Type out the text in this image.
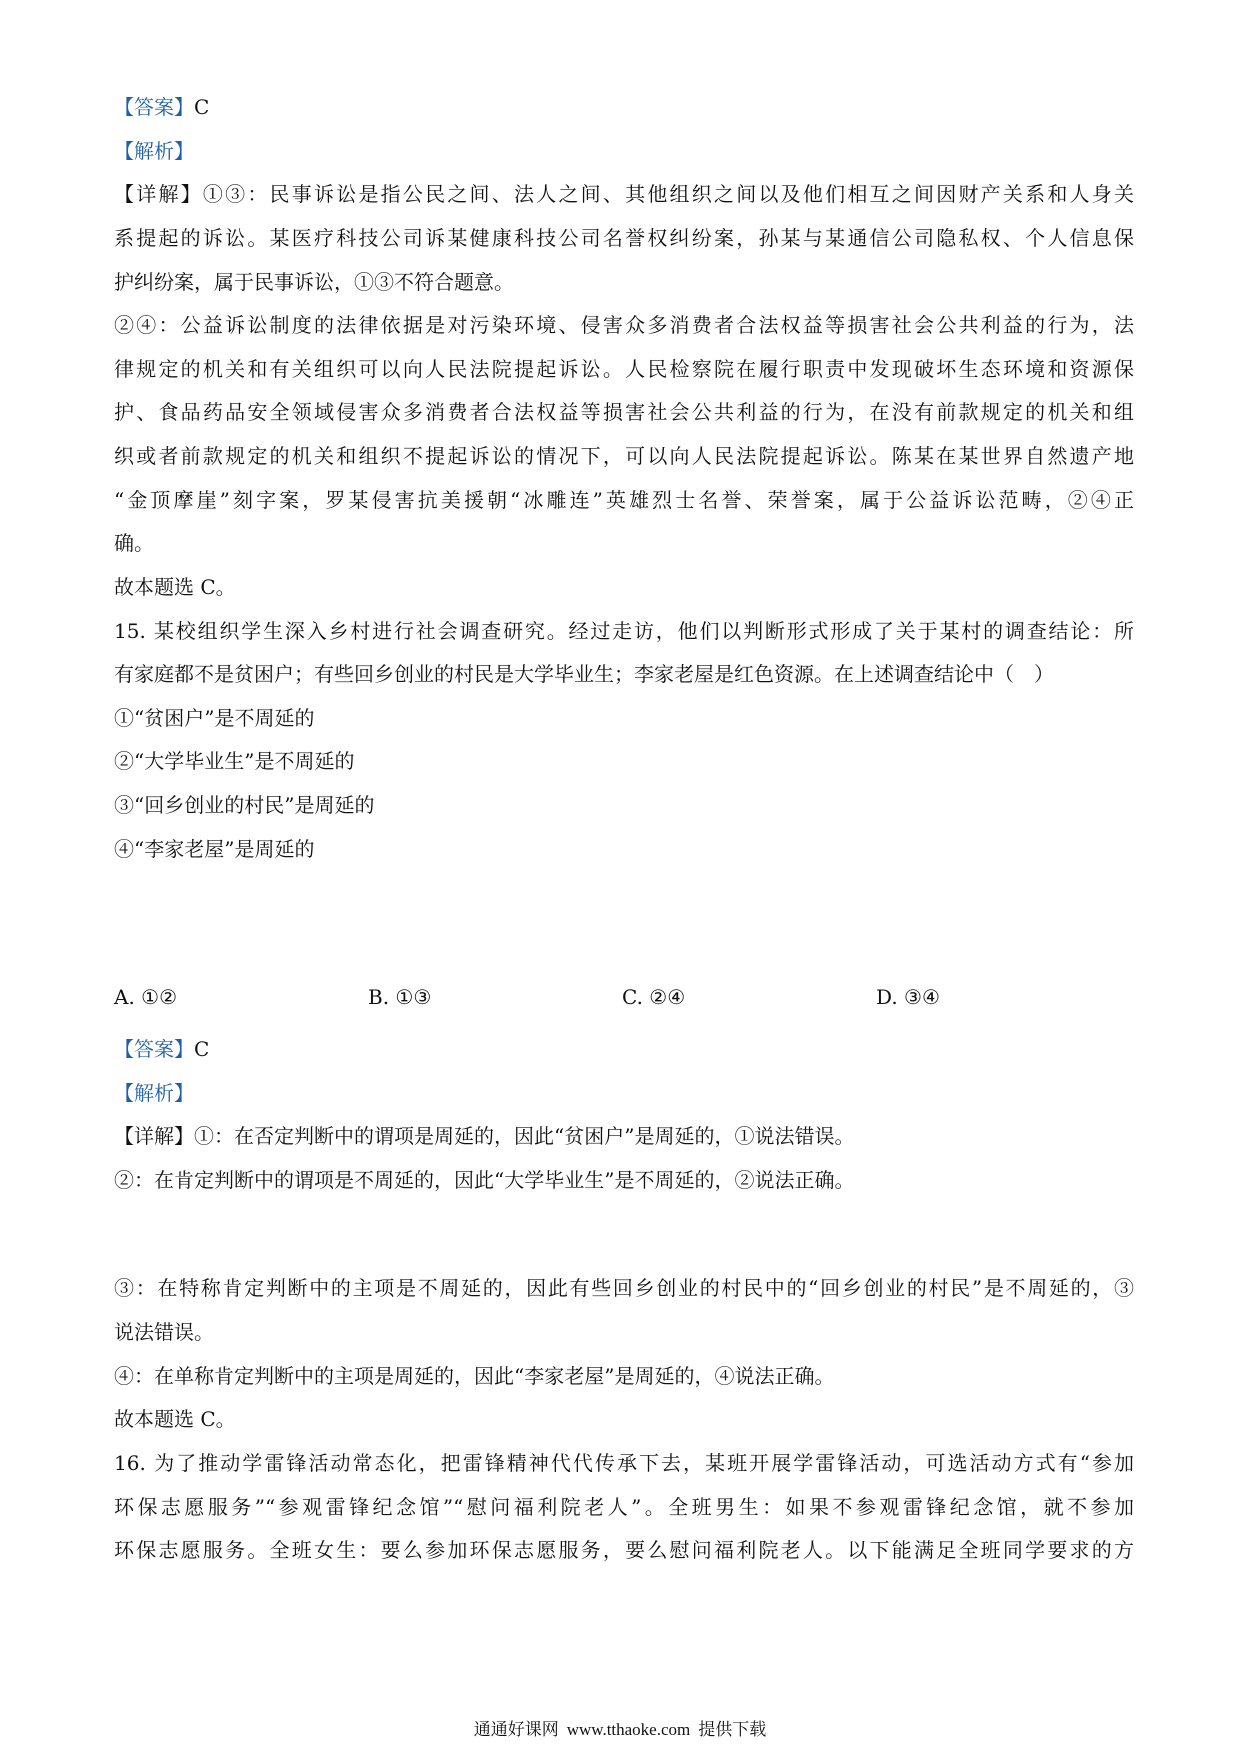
【答案】C
【解析】
【详解】①③：民事诉讼是指公民之间、法人之间、其他组织之间以及他们相互之间因财产关系和人身关
系提起的诉讼。某医疗科技公司诉某健康科技公司名誉权纠纷案，孙某与某通信公司隐私权、个人信息保
护纠纷案，属于民事诉讼，①③不符合题意。
②④：公益诉讼制度的法律依据是对污染环境、侵害众多消费者合法权益等损害社会公共利益的行为，法
律规定的机关和有关组织可以向人民法院提起诉讼。人民检察院在履行职责中发现破坏生态环境和资源保
护、食品药品安全领域侵害众多消费者合法权益等损害社会公共利益的行为，在没有前款规定的机关和组
织或者前款规定的机关和组织不提起诉讼的情况下，可以向人民法院提起诉讼。陈某在某世界自然遗产地
“金顶摩崖”刻字案，罗某侵害抗美援朝“冰雕连”英雄烈士名誉、荣誉案，属于公益诉讼范畴，②④正
确。
故本题选 C。
15. 某校组织学生深入乡村进行社会调查研究。经过走访，他们以判断形式形成了关于某村的调查结论：所
有家庭都不是贫困户；有些回乡创业的村民是大学毕业生；李家老屋是红色资源。在上述调查结论中（　）
①“贫困户”是不周延的
②“大学毕业生”是不周延的
③“回乡创业的村民”是周延的
④“李家老屋”是周延的
A. ①②	B. ①③	C. ②④	D. ③④
【答案】C
【解析】
【详解】①：在否定判断中的谓项是周延的，因此“贫困户”是周延的，①说法错误。
②：在肯定判断中的谓项是不周延的，因此“大学毕业生”是不周延的，②说法正确。
③：在特称肯定判断中的主项是不周延的，因此有些回乡创业的村民中的“回乡创业的村民”是不周延的，③
说法错误。
④：在单称肯定判断中的主项是周延的，因此“李家老屋”是周延的，④说法正确。
故本题选 C。
16. 为了推动学雷锋活动常态化，把雷锋精神代代传承下去，某班开展学雷锋活动，可选活动方式有“参加
环保志愿服务”“参观雷锋纪念馆”“慰问福利院老人”。全班男生：如果不参观雷锋纪念馆，就不参加
环保志愿服务。全班女生：要么参加环保志愿服务，要么慰问福利院老人。以下能满足全班同学要求的方
通通好课网 www.tthaoke.com 提供下载
